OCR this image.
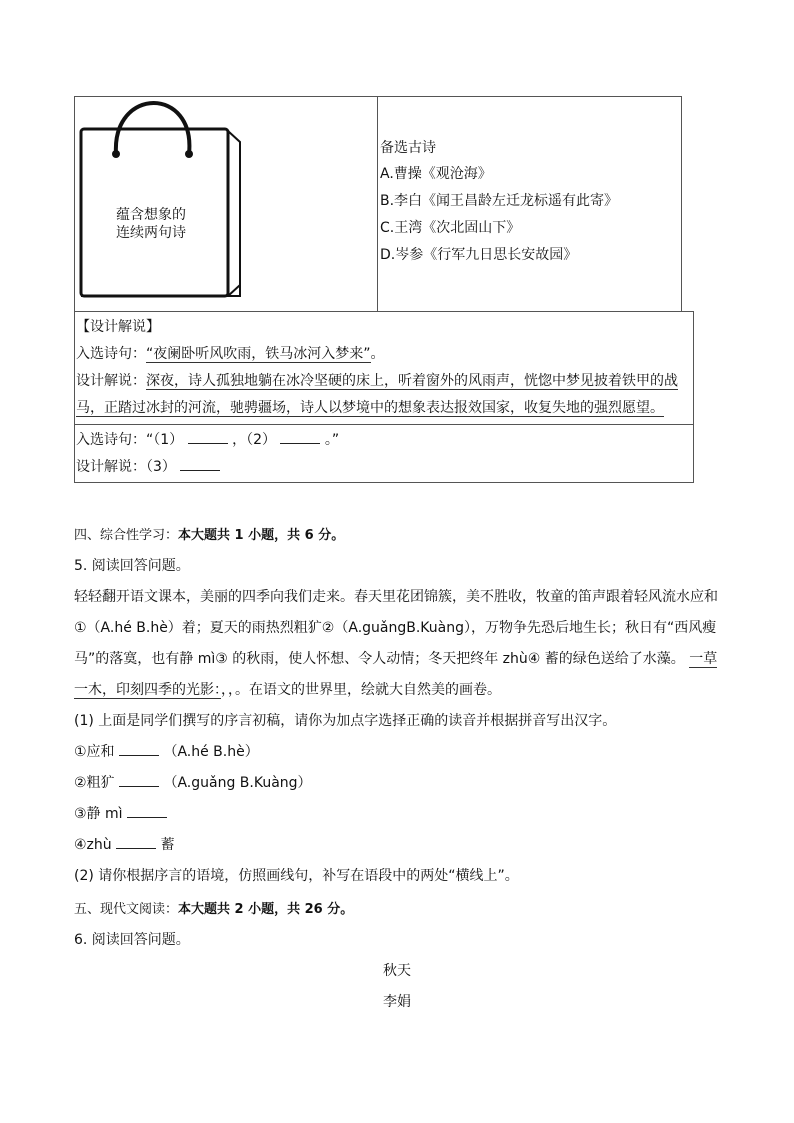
蕴含想象的
连续两句诗
备选古诗
A.曹操《观沧海》
B.李白《闻王昌龄左迁龙标遥有此寄》
C.王湾《次北固山下》
D.岑参《行军九日思长安故园》
【设计解说】
入选诗句：“夜阑卧听风吹雨，铁马冰河入梦来”。
设计解说：深夜，诗人孤独地躺在冰冷坚硬的床上，听着窗外的风雨声，恍惚中梦见披着铁甲的战
马，正踏过冰封的河流，驰骋疆场，诗人以梦境中的想象表达报效国家，收复失地的强烈愿望。
入选诗句：“（1）	，（2）	。”
设计解说：（3）
四、综合性学习：本大题共 1 小题，共 6 分。
5. 阅读回答问题。
轻轻翻开语文课本，美丽的四季向我们走来。春天里花团锦簇，美不胜收，牧童的笛声跟着轻风流水应和
①（A.hé B.hè）着；夏天的雨热烈粗犷②（A.guǎngB.Kuàng），万物争先恐后地生长；秋日有“西风瘦
马”的落寞，也有静 mì③ 的秋雨，使人怀想、令人动情；冬天把终年 zhù④ 蓄的绿色送给了水藻。 一草
一木，印刻四季的光影：，，。在语文的世界里，绘就大自然美的画卷。
(1) 上面是同学们撰写的序言初稿，请你为加点字选择正确的读音并根据拼音写出汉字。
①应和	（A.hé B.hè）
②粗犷	（A.guǎng B.Kuàng）
③静 mì
④zhù	蓄
(2) 请你根据序言的语境，仿照画线句，补写在语段中的两处“横线上”。
五、现代文阅读：本大题共 2 小题，共 26 分。
6. 阅读回答问题。
秋天
李娟
